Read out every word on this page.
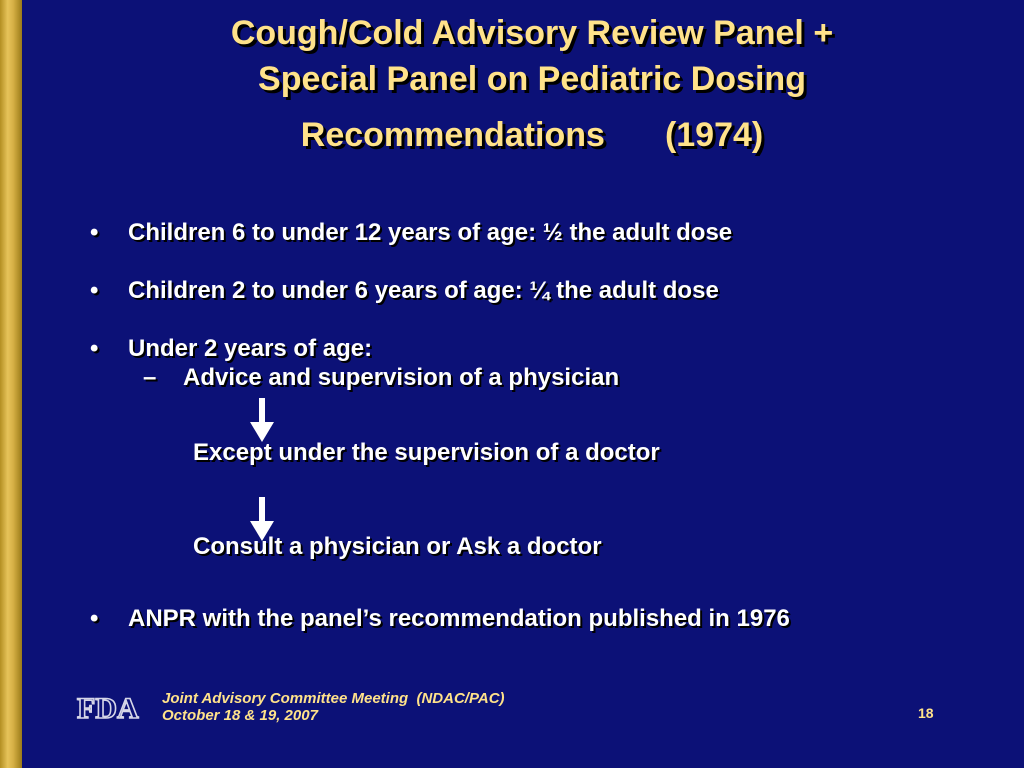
Cough/Cold Advisory Review Panel +
Special Panel on Pediatric Dosing
Recommendations (1974)
• Children 6 to under 12 years of age: ½ the adult dose
• Children 2 to under 6 years of age: ¼ the adult dose
• Under 2 years of age:
– Advice and supervision of a physician
Except under the supervision of a doctor
Consult a physician or Ask a doctor
• ANPR with the panel’s recommendation published in 1976
FDA Joint Advisory Committee Meeting  (NDAC/PAC)
October 18 & 19, 2007	18
